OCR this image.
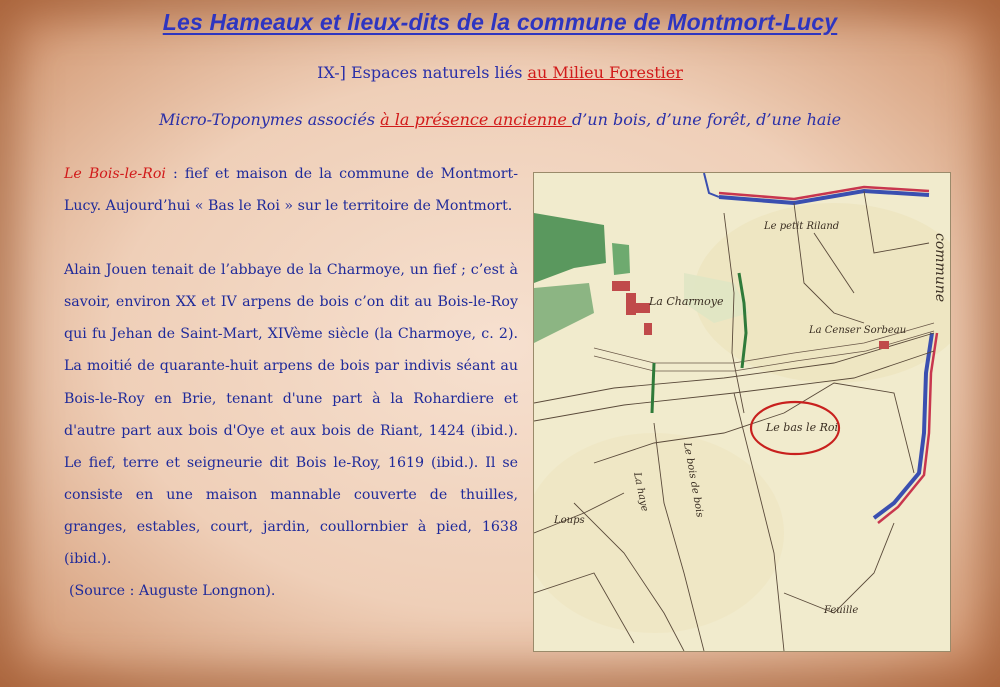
Les Hameaux et lieux-dits de la commune de Montmort-Lucy
IX-] Espaces naturels liés au Milieu Forestier
Micro-Toponymes associés à la présence ancienne d’un bois, d’une forêt, d’une haie

Le Bois-le-Roi : fief et maison de la commune de Montmort-Lucy. Aujourd’hui « Bas le Roi » sur le territoire de Montmort.

Alain Jouen tenait de l’abbaye de la Charmoye, un fief ; c’est à savoir, environ XX et IV arpens de bois c’on dit au Bois-le-Roy qui fu Jehan de Saint-Mart, XIVème siècle (la Charmoye, c. 2). La moitié de quarante-huit arpens de bois par indivis séant au Bois-le-Roy en Brie, tenant d'une part à la Rohardiere et d'autre part aux bois d'Oye et aux bois de Riant, 1424 (ibid.). Le fief, terre et seigneurie dit Bois le-Roy, 1619 (ibid.). Il se consiste en une maison mannable couverte de thuilles, granges, estables, court, jardin, coullornbier à pied, 1638 (ibid.).

(Source : Auguste Longnon).

La Charmoye
Le petit Riland
La Censer Sorbeau
Le bas le Roi
Loups
Feuille
Le bois de bois
La haye
commune
